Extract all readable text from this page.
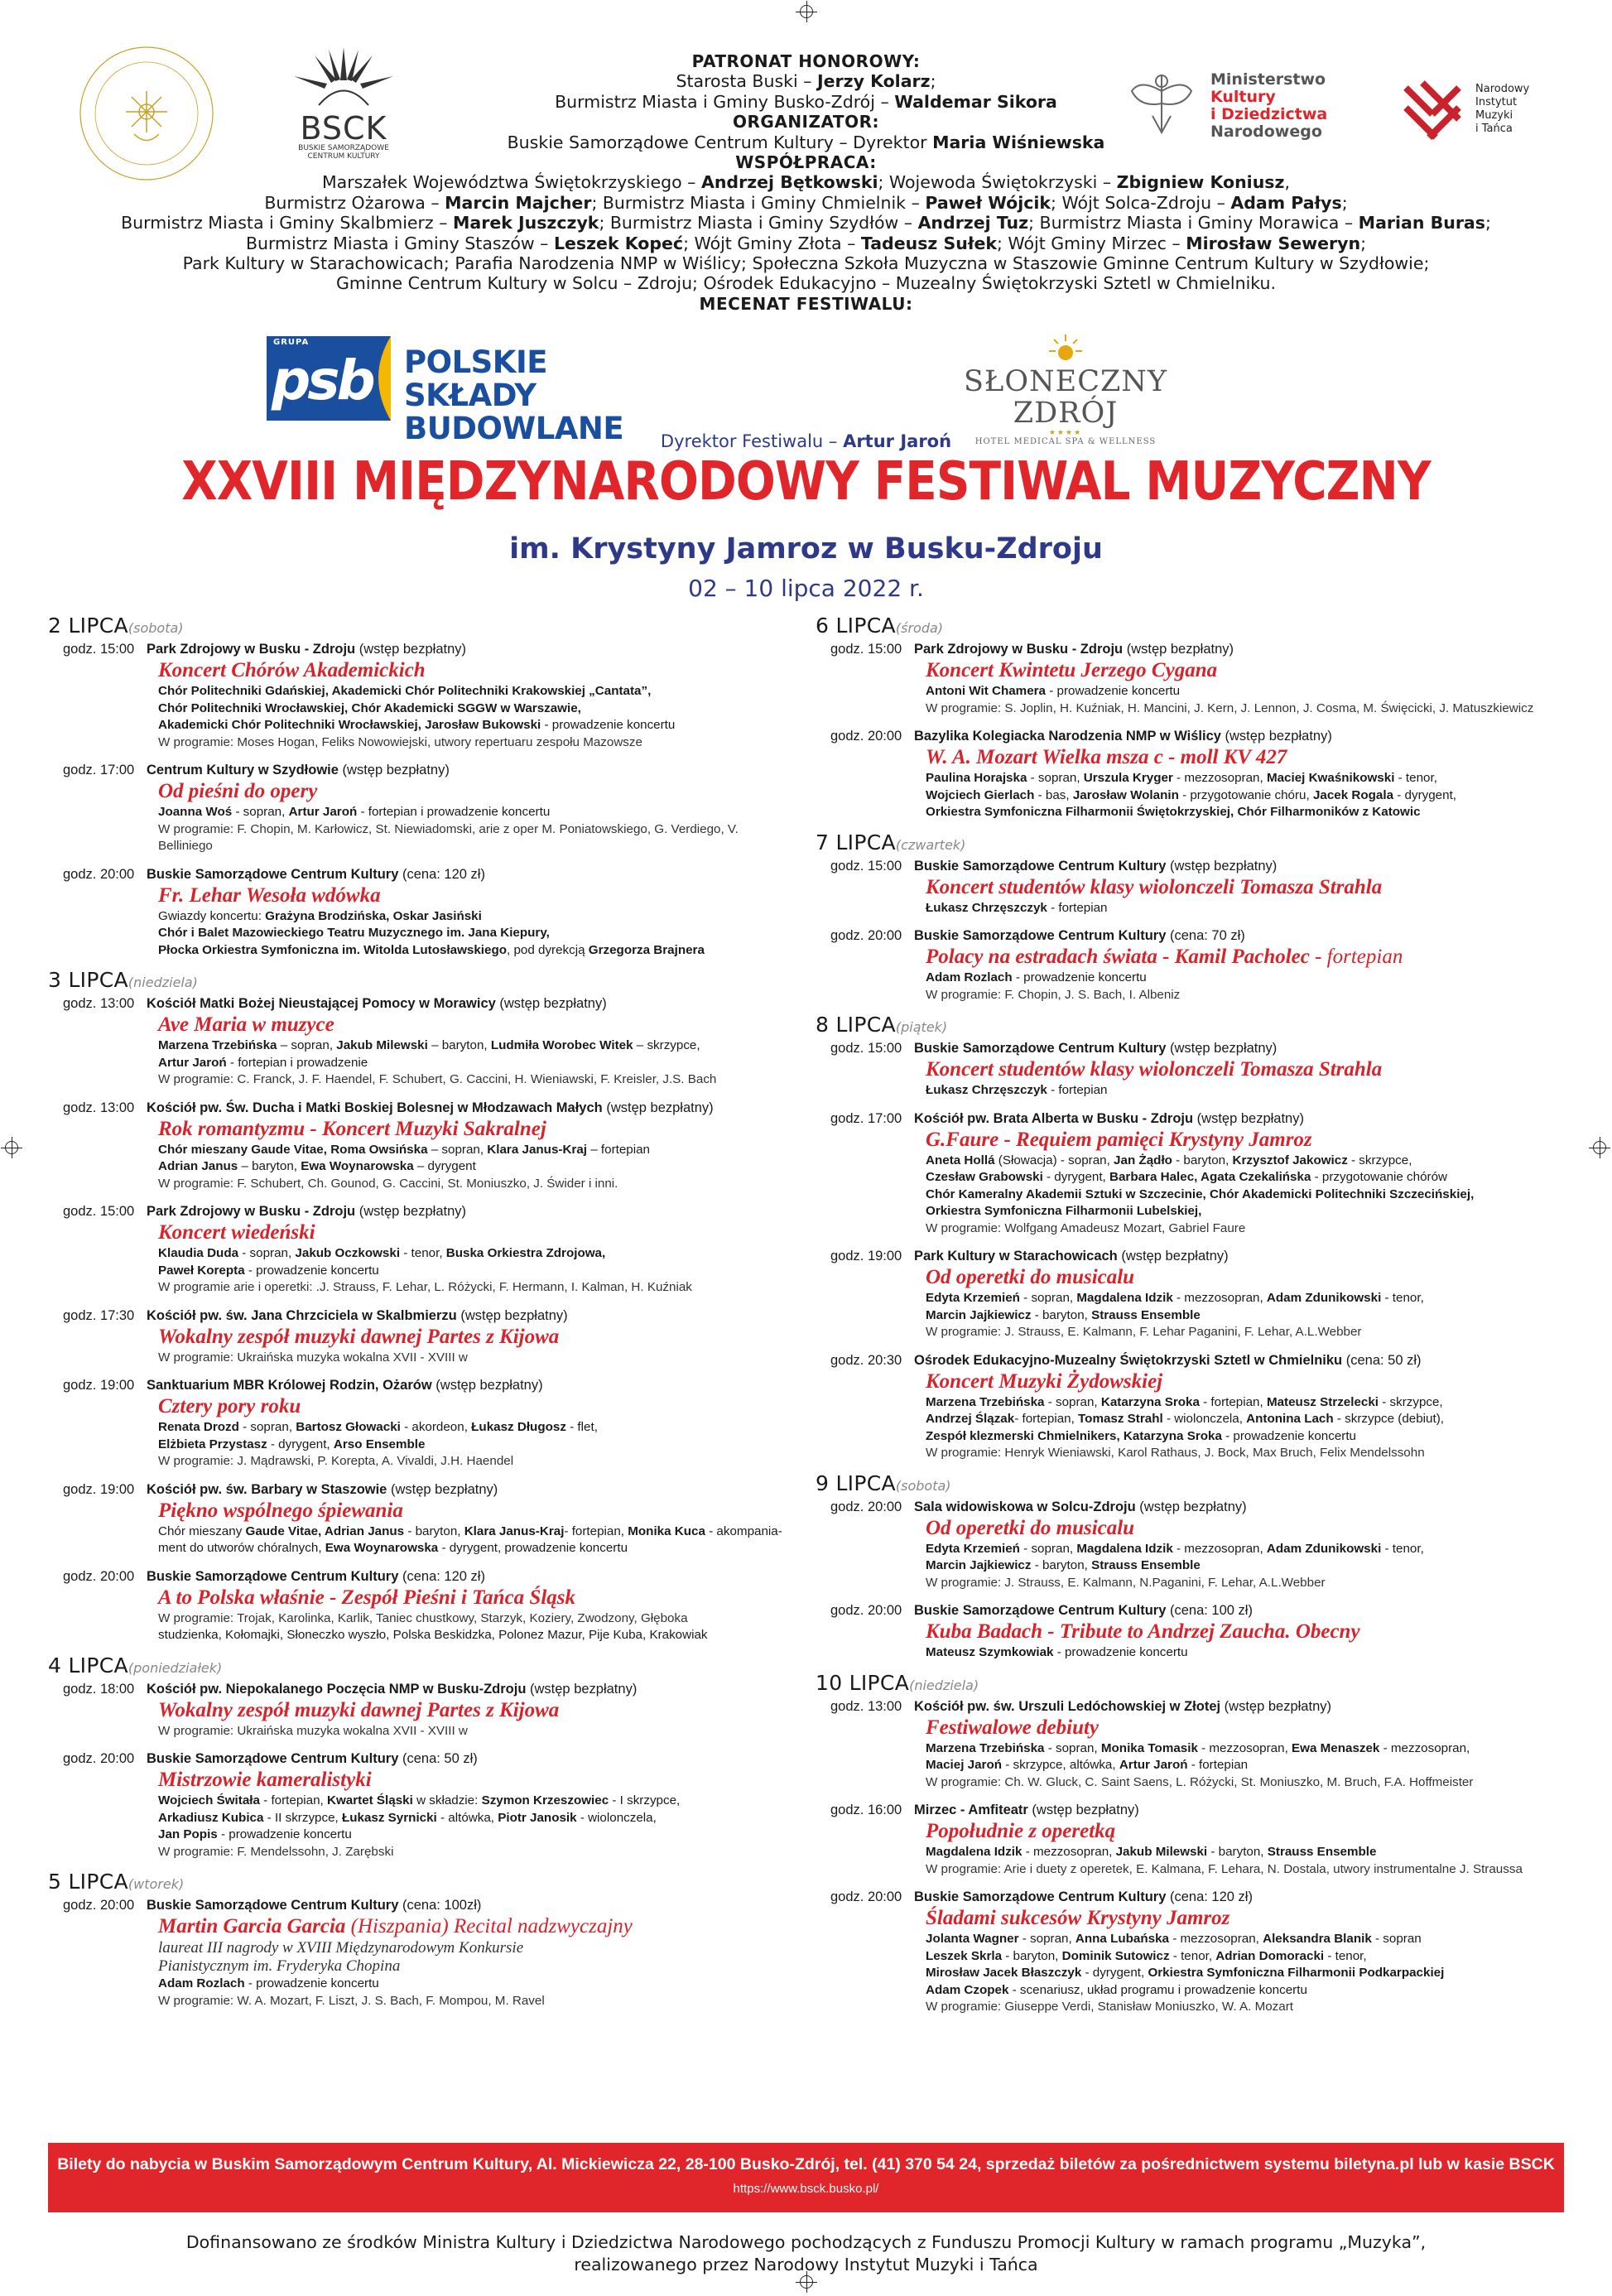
BSCK
BUSKIE SAMORZĄDOWE
CENTRUM KULTURY
Ministerstwo
Kultury
i Dziedzictwa
Narodowego
Narodowy
Instytut
Muzyki
i Tańca
PATRONAT HONOROWY:
Starosta Buski – Jerzy Kolarz;
Burmistrz Miasta i Gminy Busko-Zdrój – Waldemar Sikora
ORGANIZATOR:
Buskie Samorządowe Centrum Kultury – Dyrektor Maria Wiśniewska
WSPÓŁPRACA:
Marszałek Województwa Świętokrzyskiego – Andrzej Bętkowski; Wojewoda Świętokrzyski – Zbigniew Koniusz,
Burmistrz Ożarowa – Marcin Majcher; Burmistrz Miasta i Gminy Chmielnik – Paweł Wójcik; Wójt Solca-Zdroju – Adam Pałys;
Burmistrz Miasta i Gminy Skalbmierz – Marek Juszczyk; Burmistrz Miasta i Gminy Szydłów – Andrzej Tuz; Burmistrz Miasta i Gminy Morawica – Marian Buras;
Burmistrz Miasta i Gminy Staszów – Leszek Kopeć; Wójt Gminy Złota – Tadeusz Sułek; Wójt Gminy Mirzec – Mirosław Seweryn;
Park Kultury w Starachowicach; Parafia Narodzenia NMP w Wiślicy; Społeczna Szkoła Muzyczna w Staszowie Gminne Centrum Kultury w Szydłowie;
Gminne Centrum Kultury w Solcu – Zdroju; Ośrodek Edukacyjno – Muzealny Świętokrzyski Sztetl w Chmielniku.
MECENAT FESTIWALU:
GRUPA
psb POLSKIE SKŁADY
BUDOWLANE
SŁONECZNY ZDRÓJ
★★★★
HOTEL MEDICAL SPA & WELLNESS
Dyrektor Festiwalu – Artur Jaroń
XXVIII MIĘDZYNARODOWY FESTIWAL MUZYCZNY
im. Krystyny Jamroz w Busku-Zdroju
02 – 10 lipca 2022 r.
2 LIPCA(sobota)
godz. 15:00 Park Zdrojowy w Busku - Zdroju (wstęp bezpłatny)
Koncert Chórów Akademickich
Chór Politechniki Gdańskiej, Akademicki Chór Politechniki Krakowskiej „Cantata”,
Chór Politechniki Wrocławskiej, Chór Akademicki SGGW w Warszawie,
Akademicki Chór Politechniki Wrocławskiej, Jarosław Bukowski - prowadzenie koncertu
W programie: Moses Hogan, Feliks Nowowiejski, utwory repertuaru zespołu Mazowsze
godz. 17:00 Centrum Kultury w Szydłowie (wstęp bezpłatny)
Od pieśni do opery
Joanna Woś - sopran, Artur Jaroń - fortepian i prowadzenie koncertu
W programie: F. Chopin, M. Karłowicz, St. Niewiadomski, arie z oper M. Poniatowskiego, G. Verdiego, V. Belliniego
godz. 20:00 Buskie Samorządowe Centrum Kultury (cena: 120 zł)
Fr. Lehar Wesoła wdówka
Gwiazdy koncertu: Grażyna Brodzińska, Oskar Jasiński
Chór i Balet Mazowieckiego Teatru Muzycznego im. Jana Kiepury,
Płocka Orkiestra Symfoniczna im. Witolda Lutosławskiego, pod dyrekcją Grzegorza Brajnera
3 LIPCA(niedziela)
godz. 13:00 Kościół Matki Bożej Nieustającej Pomocy w Morawicy (wstęp bezpłatny)
Ave Maria w muzyce
Marzena Trzebińska – sopran, Jakub Milewski – baryton, Ludmiła Worobec Witek – skrzypce,
Artur Jaroń - fortepian i prowadzenie
W programie: C. Franck, J. F. Haendel, F. Schubert, G. Caccini, H. Wieniawski, F. Kreisler, J.S. Bach
godz. 13:00 Kościół pw. Św. Ducha i Matki Boskiej Bolesnej w Młodzawach Małych (wstęp bezpłatny)
Rok romantyzmu - Koncert Muzyki Sakralnej
Chór mieszany Gaude Vitae, Roma Owsińska – sopran, Klara Janus-Kraj – fortepian
Adrian Janus – baryton, Ewa Woynarowska – dyrygent
W programie: F. Schubert, Ch. Gounod, G. Caccini, St. Moniuszko, J. Świder i inni.
godz. 15:00 Park Zdrojowy w Busku - Zdroju (wstęp bezpłatny)
Koncert wiedeński
Klaudia Duda - sopran, Jakub Oczkowski - tenor, Buska Orkiestra Zdrojowa,
Paweł Korepta - prowadzenie koncertu
W programie arie i operetki: .J. Strauss, F. Lehar, L. Różycki, F. Hermann, I. Kalman, H. Kuźniak
godz. 17:30 Kościół pw. św. Jana Chrzciciela w Skalbmierzu (wstęp bezpłatny)
Wokalny zespół muzyki dawnej Partes z Kijowa
W programie: Ukraińska muzyka wokalna XVII - XVIII w
godz. 19:00 Sanktuarium MBR Królowej Rodzin, Ożarów (wstęp bezpłatny)
Cztery pory roku
Renata Drozd - sopran, Bartosz Głowacki - akordeon, Łukasz Długosz - flet,
Elżbieta Przystasz - dyrygent, Arso Ensemble
W programie: J. Mądrawski, P. Korepta, A. Vivaldi, J.H. Haendel
godz. 19:00 Kościół pw. św. Barbary w Staszowie (wstęp bezpłatny)
Piękno wspólnego śpiewania
Chór mieszany Gaude Vitae, Adrian Janus - baryton, Klara Janus-Kraj- fortepian, Monika Kuca - akompania-
ment do utworów chóralnych, Ewa Woynarowska - dyrygent, prowadzenie koncertu
godz. 20:00 Buskie Samorządowe Centrum Kultury (cena: 120 zł)
A to Polska właśnie - Zespół Pieśni i Tańca Śląsk
W programie: Trojak, Karolinka, Karlik, Taniec chustkowy, Starzyk, Koziery, Zwodzony, Głęboka
studzienka, Kołomajki, Słoneczko wyszło, Polska Beskidzka, Polonez Mazur, Pije Kuba, Krakowiak
4 LIPCA(poniedziałek)
godz. 18:00 Kościół pw. Niepokalanego Poczęcia NMP w Busku-Zdroju (wstęp bezpłatny)
Wokalny zespół muzyki dawnej Partes z Kijowa
W programie: Ukraińska muzyka wokalna XVII - XVIII w
godz. 20:00 Buskie Samorządowe Centrum Kultury (cena: 50 zł)
Mistrzowie kameralistyki
Wojciech Świtała - fortepian, Kwartet Śląski w składzie: Szymon Krzeszowiec - I skrzypce,
Arkadiusz Kubica - II skrzypce, Łukasz Syrnicki - altówka, Piotr Janosik - wiolonczela,
Jan Popis - prowadzenie koncertu
W programie: F. Mendelssohn, J. Zarębski
5 LIPCA(wtorek)
godz. 20:00 Buskie Samorządowe Centrum Kultury (cena: 100zł)
Martin Garcia Garcia (Hiszpania) Recital nadzwyczajny
laureat III nagrody w XVIII Międzynarodowym Konkursie
Pianistycznym im. Fryderyka Chopina
Adam Rozlach - prowadzenie koncertu
W programie: W. A. Mozart, F. Liszt, J. S. Bach, F. Mompou, M. Ravel
6 LIPCA(środa)
godz. 15:00 Park Zdrojowy w Busku - Zdroju (wstęp bezpłatny)
Koncert Kwintetu Jerzego Cygana
Antoni Wit Chamera - prowadzenie koncertu
W programie: S. Joplin, H. Kuźniak, H. Mancini, J. Kern, J. Lennon, J. Cosma, M. Święcicki, J. Matuszkiewicz
godz. 20:00 Bazylika Kolegiacka Narodzenia NMP w Wiślicy (wstęp bezpłatny)
W. A. Mozart Wielka msza c - moll KV 427
Paulina Horajska - sopran, Urszula Kryger - mezzosopran, Maciej Kwaśnikowski - tenor,
Wojciech Gierlach - bas, Jarosław Wolanin - przygotowanie chóru, Jacek Rogala - dyrygent,
Orkiestra Symfoniczna Filharmonii Świętokrzyskiej, Chór Filharmoników z Katowic
7 LIPCA(czwartek)
godz. 15:00 Buskie Samorządowe Centrum Kultury (wstęp bezpłatny)
Koncert studentów klasy wiolonczeli Tomasza Strahla
Łukasz Chrzęszczyk - fortepian
godz. 20:00 Buskie Samorządowe Centrum Kultury (cena: 70 zł)
Polacy na estradach świata - Kamil Pacholec - fortepian
Adam Rozlach - prowadzenie koncertu
W programie: F. Chopin, J. S. Bach, I. Albeniz
8 LIPCA(piątek)
godz. 15:00 Buskie Samorządowe Centrum Kultury (wstęp bezpłatny)
Koncert studentów klasy wiolonczeli Tomasza Strahla
Łukasz Chrzęszczyk - fortepian
godz. 17:00 Kościół pw. Brata Alberta w Busku - Zdroju (wstęp bezpłatny)
G.Faure - Requiem pamięci Krystyny Jamroz
Aneta Hollá (Słowacja) - sopran, Jan Żądło - baryton, Krzysztof Jakowicz - skrzypce,
Czesław Grabowski - dyrygent, Barbara Halec, Agata Czekalińska - przygotowanie chórów
Chór Kameralny Akademii Sztuki w Szczecinie, Chór Akademicki Politechniki Szczecińskiej,
Orkiestra Symfoniczna Filharmonii Lubelskiej,
W programie: Wolfgang Amadeusz Mozart, Gabriel Faure
godz. 19:00 Park Kultury w Starachowicach (wstęp bezpłatny)
Od operetki do musicalu
Edyta Krzemień - sopran, Magdalena Idzik - mezzosopran, Adam Zdunikowski - tenor,
Marcin Jajkiewicz - baryton, Strauss Ensemble
W programie: J. Strauss, E. Kalmann, F. Lehar Paganini, F. Lehar, A.L.Webber
godz. 20:30 Ośrodek Edukacyjno-Muzealny Świętokrzyski Sztetl w Chmielniku (cena: 50 zł)
Koncert Muzyki Żydowskiej
Marzena Trzebińska - sopran, Katarzyna Sroka - fortepian, Mateusz Strzelecki - skrzypce,
Andrzej Ślązak- fortepian, Tomasz Strahl - wiolonczela, Antonina Lach - skrzypce (debiut),
Zespół klezmerski Chmielnikers, Katarzyna Sroka - prowadzenie koncertu
W programie: Henryk Wieniawski, Karol Rathaus, J. Bock, Max Bruch, Felix Mendelssohn
9 LIPCA(sobota)
godz. 20:00 Sala widowiskowa w Solcu-Zdroju (wstęp bezpłatny)
Od operetki do musicalu
Edyta Krzemień - sopran, Magdalena Idzik - mezzosopran, Adam Zdunikowski - tenor,
Marcin Jajkiewicz - baryton, Strauss Ensemble
W programie: J. Strauss, E. Kalmann, N.Paganini, F. Lehar, A.L.Webber
godz. 20:00 Buskie Samorządowe Centrum Kultury (cena: 100 zł)
Kuba Badach - Tribute to Andrzej Zaucha. Obecny
Mateusz Szymkowiak - prowadzenie koncertu
10 LIPCA(niedziela)
godz. 13:00 Kościół pw. św. Urszuli Ledóchowskiej w Złotej (wstęp bezpłatny)
Festiwalowe debiuty
Marzena Trzebińska - sopran, Monika Tomasik - mezzosopran, Ewa Menaszek - mezzosopran,
Maciej Jaroń - skrzypce, altówka, Artur Jaroń - fortepian
W programie: Ch. W. Gluck, C. Saint Saens, L. Różycki, St. Moniuszko, M. Bruch, F.A. Hoffmeister
godz. 16:00 Mirzec - Amfiteatr (wstęp bezpłatny)
Popołudnie z operetką
Magdalena Idzik - mezzosopran, Jakub Milewski - baryton, Strauss Ensemble
W programie: Arie i duety z operetek, E. Kalmana, F. Lehara, N. Dostala, utwory instrumentalne J. Straussa
godz. 20:00 Buskie Samorządowe Centrum Kultury (cena: 120 zł)
Śladami sukcesów Krystyny Jamroz
Jolanta Wagner - sopran, Anna Lubańska - mezzosopran, Aleksandra Blanik - sopran
Leszek Skrla - baryton, Dominik Sutowicz - tenor, Adrian Domoracki - tenor,
Mirosław Jacek Błaszczyk - dyrygent, Orkiestra Symfoniczna Filharmonii Podkarpackiej
Adam Czopek - scenariusz, układ programu i prowadzenie koncertu
W programie: Giuseppe Verdi, Stanisław Moniuszko, W. A. Mozart
Bilety do nabycia w Buskim Samorządowym Centrum Kultury, Al. Mickiewicza 22, 28-100 Busko-Zdrój, tel. (41) 370 54 24, sprzedaż biletów za pośrednictwem systemu biletyna.pl lub w kasie BSCK
https://www.bsck.busko.pl/
Dofinansowano ze środków Ministra Kultury i Dziedzictwa Narodowego pochodzących z Funduszu Promocji Kultury w ramach programu „Muzyka”,
realizowanego przez Narodowy Instytut Muzyki i Tańca
